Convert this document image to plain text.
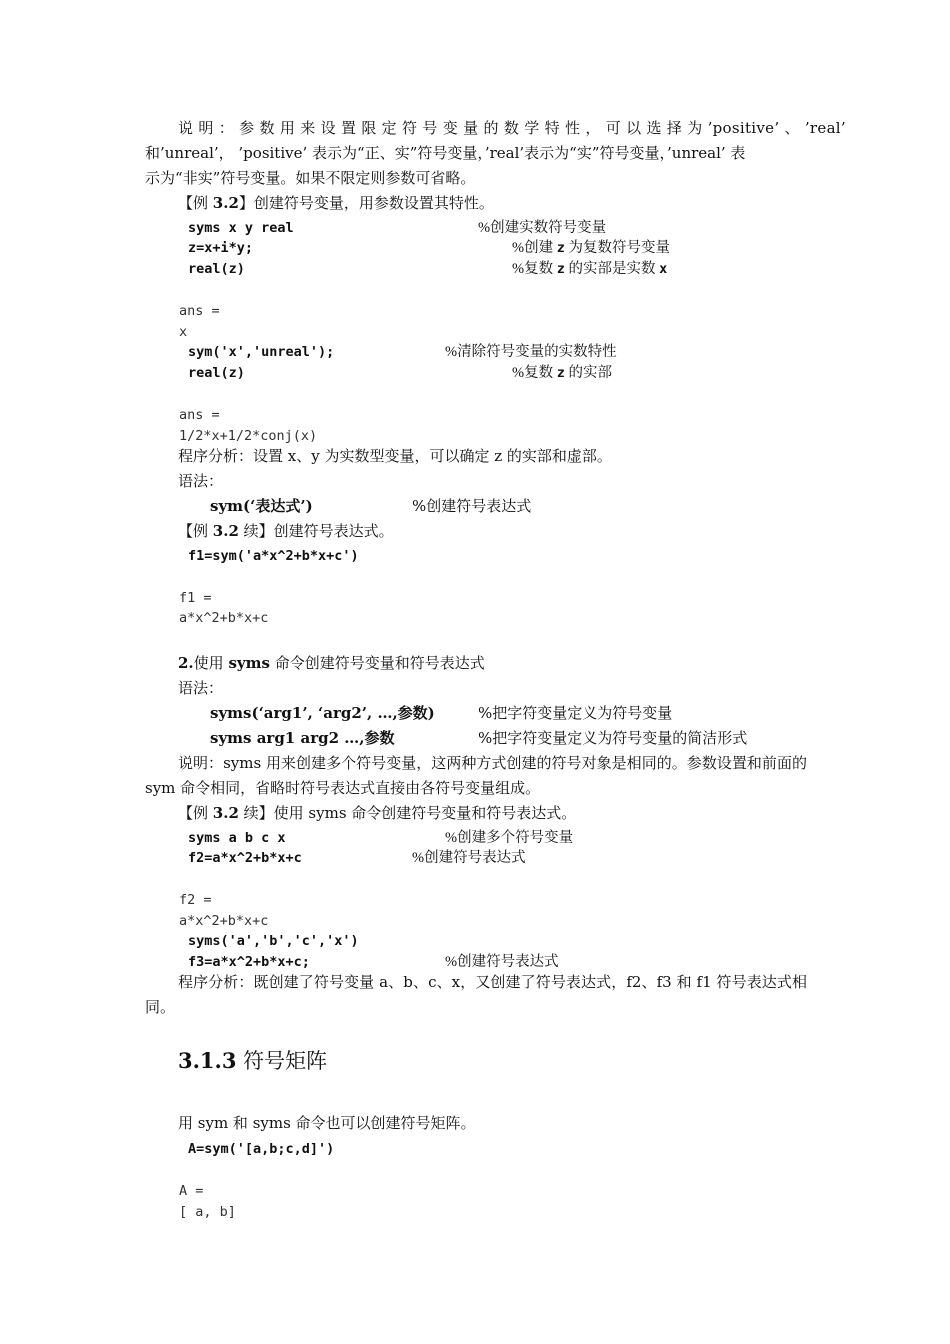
说 明 ： 参 数 用 来 设 置 限 定 符 号 变 量 的 数 学 特 性 ， 可 以 选 择 为 ’positive’ 、 ’real’
和’unreal’， ’positive’ 表示为“正、实”符号变量，’real’表示为“实”符号变量，’unreal’ 表
示为“非实”符号变量。如果不限定则参数可省略。
【例 3.2】创建符号变量，用参数设置其特性。
syms x y real	%创建实数符号变量
z=x+i*y;	%创建 z 为复数符号变量
real(z)	%复数 z 的实部是实数 x
ans =
x
sym('x','unreal');	%清除符号变量的实数特性
real(z)	%复数 z 的实部
ans =
1/2*x+1/2*conj(x)
程序分析：设置 x、y 为实数型变量，可以确定 z 的实部和虚部。
语法：
sym(‘表达式’)	%创建符号表达式
【例 3.2 续】创建符号表达式。
f1=sym('a*x^2+b*x+c')
f1 =
a*x^2+b*x+c
2.使用 syms 命令创建符号变量和符号表达式
语法：
syms(‘arg1’, ‘arg2’, …,参数)	%把字符变量定义为符号变量
syms arg1 arg2 …,参数	%把字符变量定义为符号变量的简洁形式
说明：syms 用来创建多个符号变量，这两种方式创建的符号对象是相同的。参数设置和前面的 sym 命令相同，省略时符号表达式直接由各符号变量组成。
【例 3.2 续】使用 syms 命令创建符号变量和符号表达式。
syms a b c x	%创建多个符号变量
f2=a*x^2+b*x+c	%创建符号表达式
f2 =
a*x^2+b*x+c
syms('a','b','c','x')
f3=a*x^2+b*x+c;	%创建符号表达式
程序分析：既创建了符号变量 a、b、c、x，又创建了符号表达式，f2、f3 和 f1 符号表达式相同。
3.1.3 符号矩阵
用 sym 和 syms 命令也可以创建符号矩阵。
A=sym('[a,b;c,d]')
A =
[ a, b]
